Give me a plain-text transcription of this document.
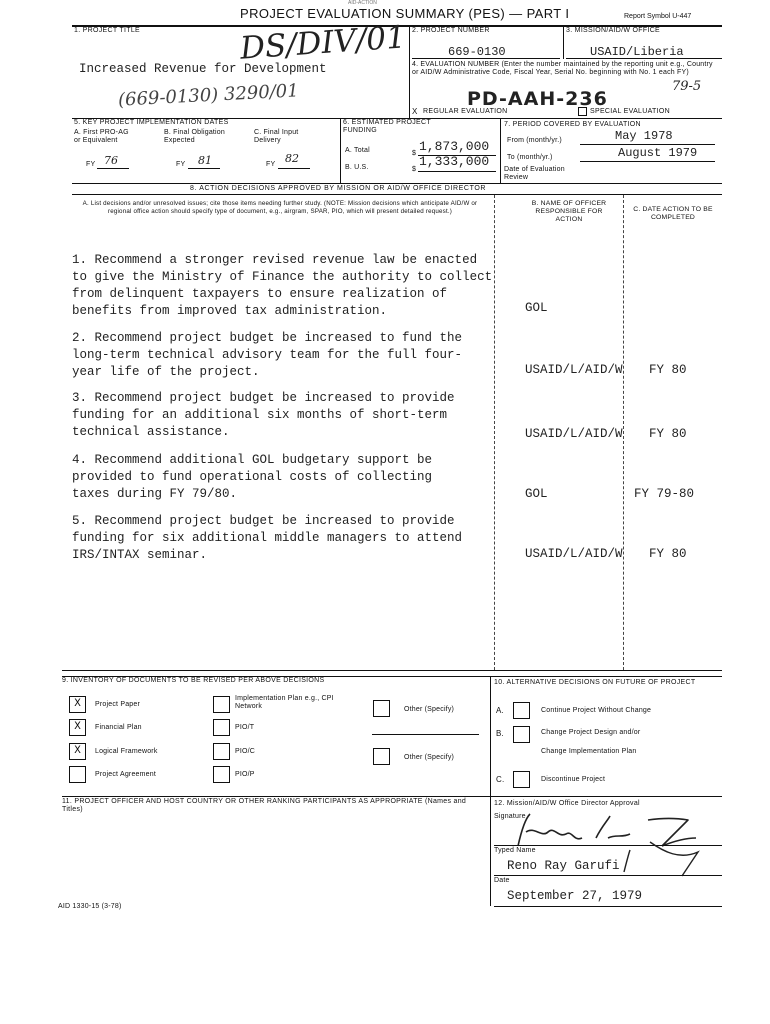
AID-ACTION
PROJECT EVALUATION SUMMARY (PES) — PART I	Report Symbol U-447
1. PROJECT TITLE	DS/DIV/01
Increased Revenue for Development
(669-0130) 3290/01
2. PROJECT NUMBER
669-0130
3. MISSION/AID/W OFFICE
USAID/Liberia
4. EVALUATION NUMBER (Enter the number maintained by the reporting unit e.g., Country or AID/W Administrative Code, Fiscal Year, Serial No. beginning with No. 1 each FY)
79-5
PD-AAH-236
X REGULAR EVALUATION	SPECIAL EVALUATION
5. KEY PROJECT IMPLEMENTATION DATES
A. First PRO-AG or Equivalent
FY 76
B. Final Obligation Expected
FY 81
C. Final Input Delivery
FY 82
6. ESTIMATED PROJECT FUNDING
A. Total	$ 1,873,000
B. U.S.	$
1,333,000
7. PERIOD COVERED BY EVALUATION
From (month/yr.)	May 1978
To (month/yr.)	August 1979
Date of Evaluation Review
8. ACTION DECISIONS APPROVED BY MISSION OR AID/W OFFICE DIRECTOR
A. List decisions and/or unresolved issues; cite those items needing further study. (NOTE: Mission decisions which anticipate AID/W or regional office action should specify type of document, e.g., airgram, SPAR, PIO, which will present detailed request.)
B. NAME OF OFFICER RESPONSIBLE FOR ACTION
C. DATE ACTION TO BE COMPLETED
1. Recommend a stronger revised revenue law be enacted
to give the Ministry of Finance the authority to collect
from delinquent taxpayers to ensure realization of
benefits from improved tax administration.	GOL
2. Recommend project budget be increased to fund the
long-term technical advisory team for the full four-
year life of the project.	USAID/L/AID/W FY 80
3. Recommend project budget be increased to provide
funding for an additional six months of short-term
technical assistance.	USAID/L/AID/W FY 80
4. Recommend additional GOL budgetary support be
provided to fund operational costs of collecting
taxes during FY 79/80.	GOL	FY 79-80
5. Recommend project budget be increased to provide
funding for six additional middle managers to attend
IRS/INTAX seminar.	USAID/L/AID/W FY 80
9. INVENTORY OF DOCUMENTS TO BE REVISED PER ABOVE DECISIONS
X	Project Paper
X	Financial Plan
X	Logical Framework
Project Agreement
Implementation Plan e.g., CPI Network
PIO/T
PIO/C
PIO/P
Other (Specify)
Other (Specify)
10. ALTERNATIVE DECISIONS ON FUTURE OF PROJECT
A.	Continue Project Without Change
B.	Change Project Design and/or
Change Implementation Plan
C.	Discontinue Project
11. PROJECT OFFICER AND HOST COUNTRY OR OTHER RANKING PARTICIPANTS AS APPROPRIATE (Names and Titles)
12. Mission/AID/W Office Director Approval
Signature
Typed Name
Reno Ray Garufi
Date
September 27, 1979
AID 1330-15 (3-78)
